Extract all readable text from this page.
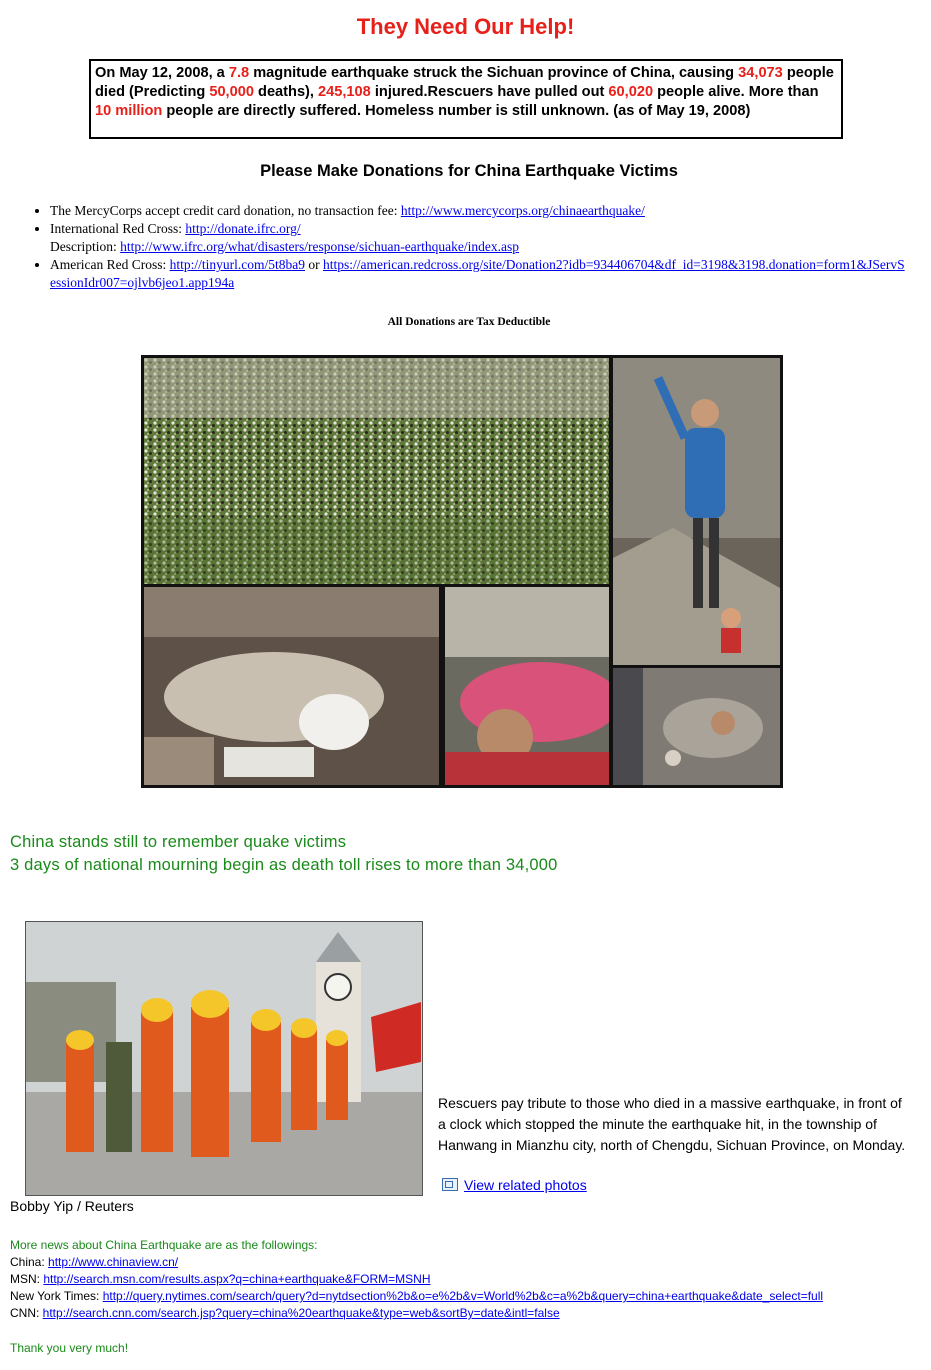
They Need Our Help!
On May 12, 2008, a 7.8 magnitude earthquake struck the Sichuan province of China, causing 34,073 people died (Predicting 50,000 deaths), 245,108 injured.Rescuers have pulled out 60,020 people alive. More than 10 million people are directly suffered. Homeless number is still unknown. (as of May 19, 2008)
Please Make Donations for China Earthquake Victims
• The MercyCorps accept credit card donation, no transaction fee: http://www.mercycorps.org/chinaearthquake/
• International Red Cross: http://donate.ifrc.org/
Description: http://www.ifrc.org/what/disasters/response/sichuan-earthquake/index.asp
• American Red Cross: http://tinyurl.com/5t8ba9 or https://american.redcross.org/site/Donation2?idb=934406704&df_id=3198&3198.donation=form1&JServSessionIdr007=ojlvb6jeo1.app194a
All Donations are Tax Deductible
China stands still to remember quake victims
3 days of national mourning begin as death toll rises to more than 34,000
Bobby Yip / Reuters
Rescuers pay tribute to those who died in a massive earthquake, in front of a clock which stopped the minute the earthquake hit, in the township of Hanwang in Mianzhu city, north of Chengdu, Sichuan Province, on Monday.
View related photos
More news about China Earthquake are as the followings:
China: http://www.chinaview.cn/
MSN: http://search.msn.com/results.aspx?q=china+earthquake&FORM=MSNH
New York Times: http://query.nytimes.com/search/query?d=nytdsection%2b&o=e%2b&v=World%2b&c=a%2b&query=china+earthquake&date_select=full
CNN: http://search.cnn.com/search.jsp?query=china%20earthquake&type=web&sortBy=date&intl=false
Thank you very much!
